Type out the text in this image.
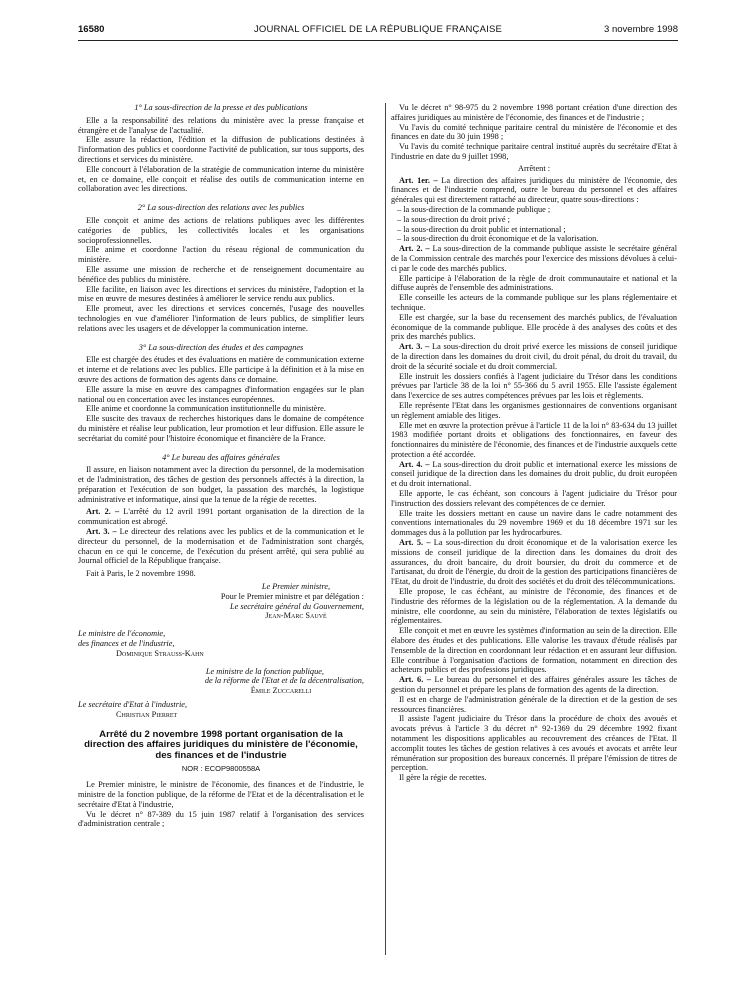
16580	JOURNAL OFFICIEL DE LA RÉPUBLIQUE FRANÇAISE	3 novembre 1998

1° La sous-direction de la presse et des publications

Elle a la responsabilité des relations du ministère avec la presse française et étrangère et de l'analyse de l'actualité.

Elle assure la rédaction, l'édition et la diffusion de publications destinées à l'information des publics et coordonne l'activité de publication, sur tous supports, des directions et services du ministère.

Elle concourt à l'élaboration de la stratégie de communication interne du ministère et, en ce domaine, elle conçoit et réalise des outils de communication interne en collaboration avec les directions.

2° La sous-direction des relations avec les publics

Elle conçoit et anime des actions de relations publiques avec les différentes catégories de publics, les collectivités locales et les organisations socioprofessionnelles.

Elle anime et coordonne l'action du réseau régional de communication du ministère.

Elle assume une mission de recherche et de renseignement documentaire au bénéfice des publics du ministère.

Elle facilite, en liaison avec les directions et services du ministère, l'adoption et la mise en œuvre de mesures destinées à améliorer le service rendu aux publics.

Elle promeut, avec les directions et services concernés, l'usage des nouvelles technologies en vue d'améliorer l'information de leurs publics, de simplifier leurs relations avec les usagers et de développer la communication interne.

3° La sous-direction des études et des campagnes

Elle est chargée des études et des évaluations en matière de communication externe et interne et de relations avec les publics. Elle participe à la définition et à la mise en œuvre des actions de formation des agents dans ce domaine.

Elle assure la mise en œuvre des campagnes d'information engagées sur le plan national ou en concertation avec les instances européennes.

Elle anime et coordonne la communication institutionnelle du ministère.

Elle suscite des travaux de recherches historiques dans le domaine de compétence du ministère et réalise leur publication, leur promotion et leur diffusion. Elle assure le secrétariat du comité pour l'histoire économique et financière de la France.

4° Le bureau des affaires générales

Il assure, en liaison notamment avec la direction du personnel, de la modernisation et de l'administration, des tâches de gestion des personnels affectés à la direction, la préparation et l'exécution de son budget, la passation des marchés, la logistique administrative et informatique, ainsi que la tenue de la régie de recettes.

Art. 2. – L'arrêté du 12 avril 1991 portant organisation de la direction de la communication est abrogé.

Art. 3. – Le directeur des relations avec les publics et de la communication et le directeur du personnel, de la modernisation et de l'administration sont chargés, chacun en ce qui le concerne, de l'exécution du présent arrêté, qui sera publié au Journal officiel de la République française.

Fait à Paris, le 2 novembre 1998.

Le Premier ministre,

Pour le Premier ministre et par délégation :

Le secrétaire général du Gouvernement,

Jean-Marc Sauvé

Le ministre de l'économie,

des finances et de l'industrie,

Dominique Strauss-Kahn

Le ministre de la fonction publique,

de la réforme de l'Etat et de la décentralisation,

Émile Zuccarelli

Le secrétaire d'Etat à l'industrie,

Christian Pierret

Arrêté du 2 novembre 1998 portant organisation de la direction des affaires juridiques du ministère de l'économie, des finances et de l'industrie

NOR : ECOP9800558A

Le Premier ministre, le ministre de l'économie, des finances et de l'industrie, le ministre de la fonction publique, de la réforme de l'Etat et de la décentralisation et le secrétaire d'Etat à l'industrie,

Vu le décret n° 87-389 du 15 juin 1987 relatif à l'organisation des services d'administration centrale ;

Vu le décret n° 98-975 du 2 novembre 1998 portant création d'une direction des affaires juridiques au ministère de l'économie, des finances et de l'industrie ;

Vu l'avis du comité technique paritaire central du ministère de l'économie et des finances en date du 30 juin 1998 ;

Vu l'avis du comité technique paritaire central institué auprès du secrétaire d'Etat à l'industrie en date du 9 juillet 1998,

Arrêtent :

Art. 1er. – La direction des affaires juridiques du ministère de l'économie, des finances et de l'industrie comprend, outre le bureau du personnel et des affaires générales qui est directement rattaché au directeur, quatre sous-directions :

– la sous-direction de la commande publique ;

– la sous-direction du droit privé ;

– la sous-direction du droit public et international ;

– la sous-direction du droit économique et de la valorisation.

Art. 2. – La sous-direction de la commande publique assiste le secrétaire général de la Commission centrale des marchés pour l'exercice des missions dévolues à celui-ci par le code des marchés publics.

Elle participe à l'élaboration de la règle de droit communautaire et national et la diffuse auprès de l'ensemble des administrations.

Elle conseille les acteurs de la commande publique sur les plans réglementaire et technique.

Elle est chargée, sur la base du recensement des marchés publics, de l'évaluation économique de la commande publique. Elle procède à des analyses des coûts et des prix des marchés publics.

Art. 3. – La sous-direction du droit privé exerce les missions de conseil juridique de la direction dans les domaines du droit civil, du droit pénal, du droit du travail, du droit de la sécurité sociale et du droit commercial.

Elle instruit les dossiers confiés à l'agent judiciaire du Trésor dans les conditions prévues par l'article 38 de la loi n° 55-366 du 5 avril 1955. Elle l'assiste également dans l'exercice de ses autres compétences prévues par les lois et règlements.

Elle représente l'Etat dans les organismes gestionnaires de conventions organisant un règlement amiable des litiges.

Elle met en œuvre la protection prévue à l'article 11 de la loi n° 83-634 du 13 juillet 1983 modifiée portant droits et obligations des fonctionnaires, en faveur des fonctionnaires du ministère de l'économie, des finances et de l'industrie auxquels cette protection a été accordée.

Art. 4. – La sous-direction du droit public et international exerce les missions de conseil juridique de la direction dans les domaines du droit public, du droit européen et du droit international.

Elle apporte, le cas échéant, son concours à l'agent judiciaire du Trésor pour l'instruction des dossiers relevant des compétences de ce dernier.

Elle traite les dossiers mettant en cause un navire dans le cadre notamment des conventions internationales du 29 novembre 1969 et du 18 décembre 1971 sur les dommages dus à la pollution par les hydrocarbures.

Art. 5. – La sous-direction du droit économique et de la valorisation exerce les missions de conseil juridique de la direction dans les domaines du droit des assurances, du droit bancaire, du droit boursier, du droit du commerce et de l'artisanat, du droit de l'énergie, du droit de la gestion des participations financières de l'Etat, du droit de l'industrie, du droit des sociétés et du droit des télécommunications.

Elle propose, le cas échéant, au ministre de l'économie, des finances et de l'industrie des réformes de la législation ou de la réglementation. A la demande du ministre, elle coordonne, au sein du ministère, l'élaboration de textes législatifs ou réglementaires.

Elle conçoit et met en œuvre les systèmes d'information au sein de la direction. Elle élabore des études et des publications. Elle valorise les travaux d'étude réalisés par l'ensemble de la direction en coordonnant leur rédaction et en assurant leur diffusion. Elle contribue à l'organisation d'actions de formation, notamment en direction des acheteurs publics et des professions juridiques.

Art. 6. – Le bureau du personnel et des affaires générales assure les tâches de gestion du personnel et prépare les plans de formation des agents de la direction.

Il est en charge de l'administration générale de la direction et de la gestion de ses ressources financières.

Il assiste l'agent judiciaire du Trésor dans la procédure de choix des avoués et avocats prévus à l'article 3 du décret n° 92-1369 du 29 décembre 1992 fixant notamment les dispositions applicables au recouvrement des créances de l'Etat. Il accomplit toutes les tâches de gestion relatives à ces avoués et avocats et arrête leur rémunération sur proposition des bureaux concernés. Il prépare l'émission de titres de perception.

Il gère la régie de recettes.
